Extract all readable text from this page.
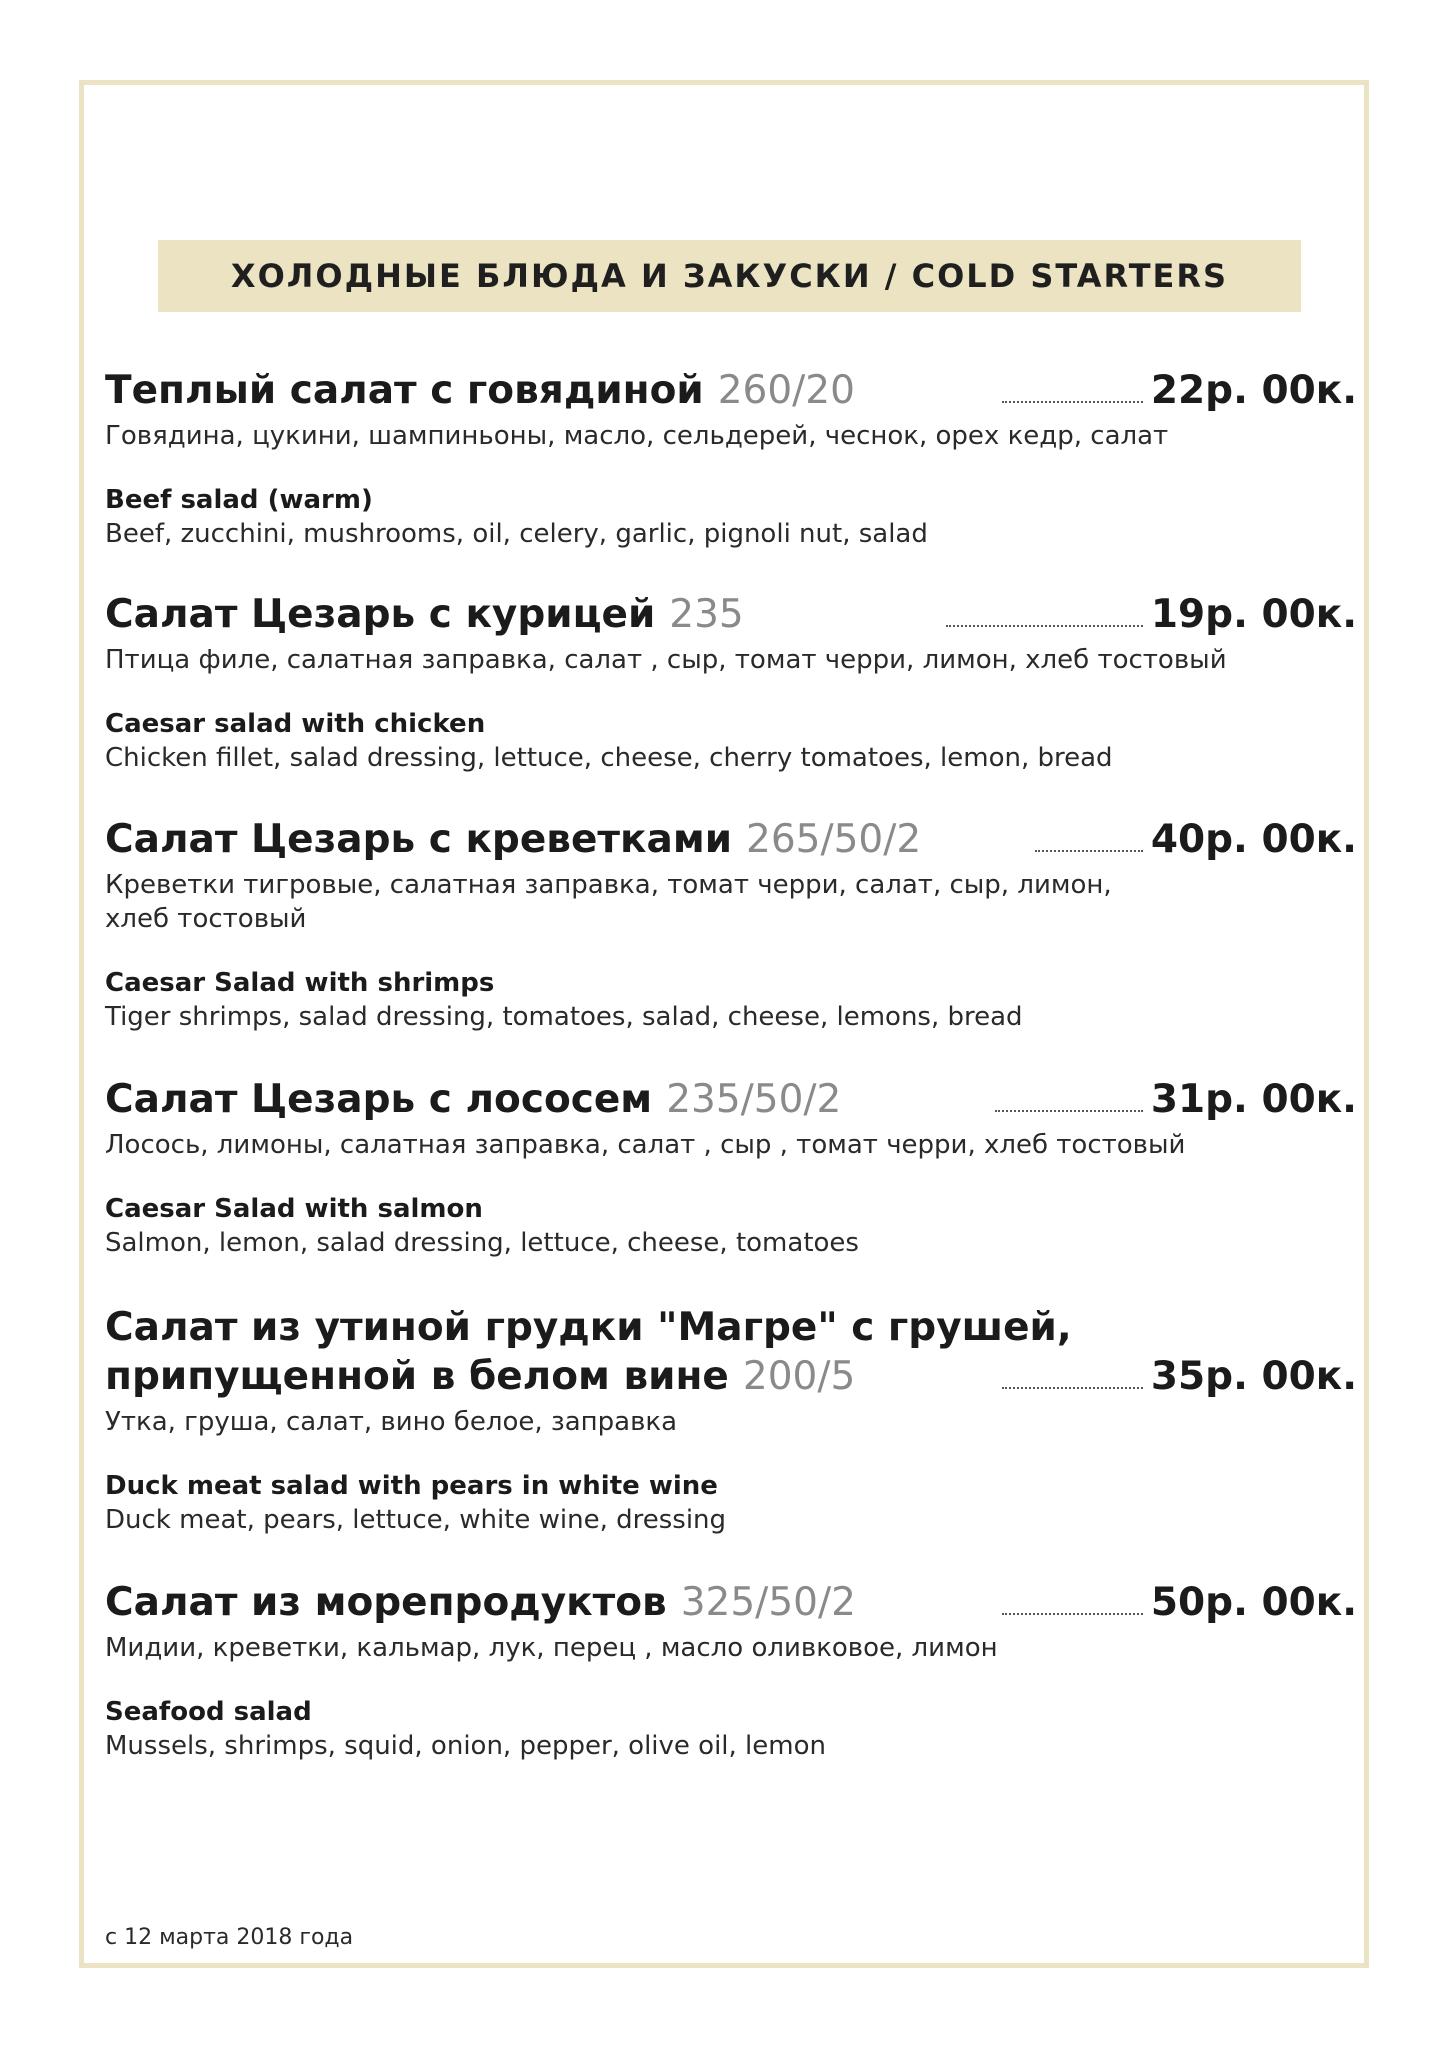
ХОЛОДНЫЕ БЛЮДА И ЗАКУСКИ / COLD STARTERS
Теплый салат с говядиной 260/20	22р. 00к.
Говядина, цукини, шампиньоны, масло, сельдерей, чеснок, орех кедр, салат
Beef salad (warm)
Beef, zucchini, mushrooms, oil, celery, garlic, pignoli nut, salad
Салат Цезарь с курицей 235	19р. 00к.
Птица филе, салатная заправка, салат , сыр, томат черри, лимон, хлеб тостовый
Caesar salad with chicken
Chicken fillet, salad dressing, lettuce, cheese, cherry tomatoes, lemon, bread
Салат Цезарь с креветками 265/50/2	40р. 00к.
Креветки тигровые, салатная заправка, томат черри, салат, сыр, лимон, хлеб тостовый
Caesar Salad with shrimps
Tiger shrimps, salad dressing, tomatoes, salad, cheese, lemons, bread
Салат Цезарь с лососем 235/50/2	31р. 00к.
Лосось, лимоны, салатная заправка, салат , сыр , томат черри, хлеб тостовый
Caesar Salad with salmon
Salmon, lemon, salad dressing, lettuce, cheese, tomatoes
Салат из утиной грудки "Магре" с грушей,
припущенной в белом вине 200/5	35р. 00к.
Утка, груша, салат, вино белое, заправка
Duck meat salad with pears in white wine
Duck meat, pears, lettuce, white wine, dressing
Салат из морепродуктов 325/50/2	50р. 00к.
Мидии, креветки, кальмар, лук, перец , масло оливковое, лимон
Seafood salad
Mussels, shrimps, squid, onion, pepper, olive oil, lemon
с 12 марта 2018 года
